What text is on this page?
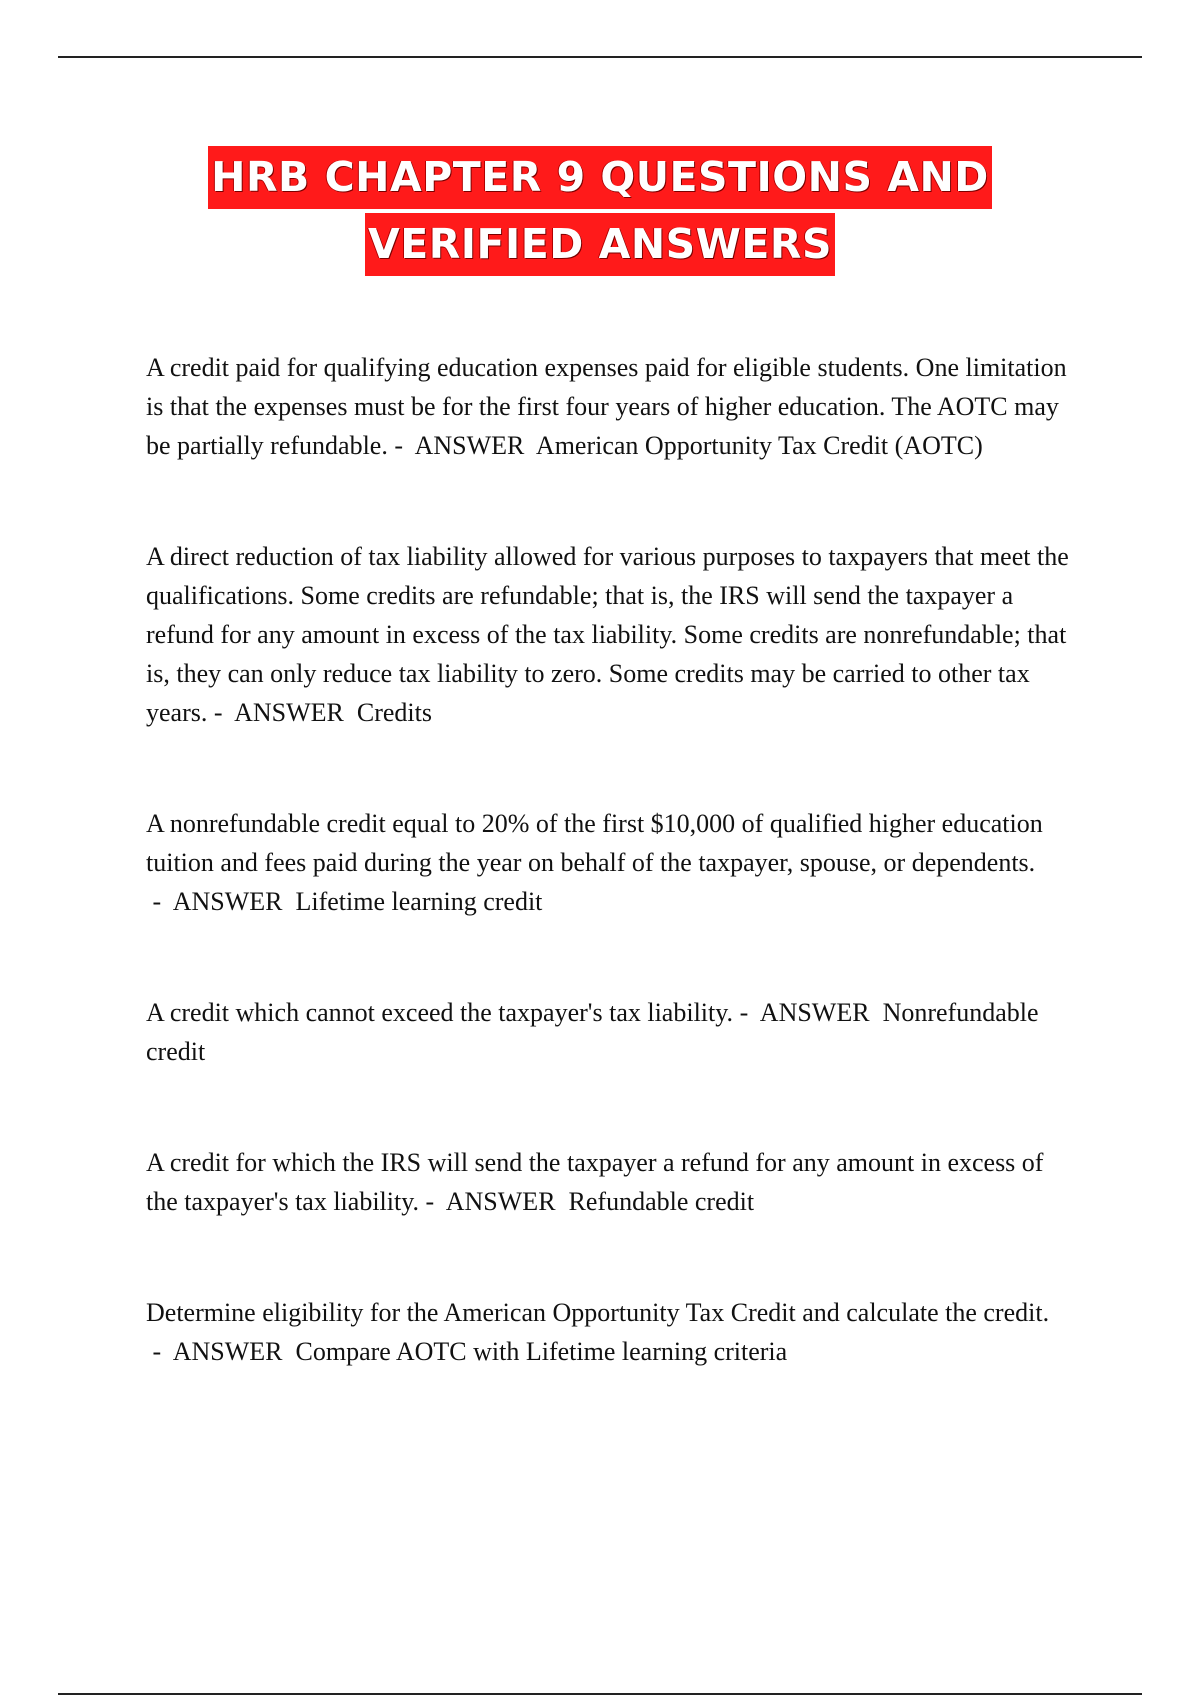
HRB CHAPTER 9 QUESTIONS AND
VERIFIED ANSWERS

A credit paid for qualifying education expenses paid for eligible students. One limitation is that the expenses must be for the first four years of higher education. The AOTC may be partially refundable. -  ANSWER  American Opportunity Tax Credit (AOTC)

A direct reduction of tax liability allowed for various purposes to taxpayers that meet the qualifications. Some credits are refundable; that is, the IRS will send the taxpayer a refund for any amount in excess of the tax liability. Some credits are nonrefundable; that is, they can only reduce tax liability to zero. Some credits may be carried to other tax years. -  ANSWER  Credits

A nonrefundable credit equal to 20% of the first $10,000 of qualified higher education tuition and fees paid during the year on behalf of the taxpayer, spouse, or dependents. -  ANSWER  Lifetime learning credit

A credit which cannot exceed the taxpayer's tax liability. -  ANSWER  Nonrefundable credit

A credit for which the IRS will send the taxpayer a refund for any amount in excess of the taxpayer's tax liability. -  ANSWER  Refundable credit

Determine eligibility for the American Opportunity Tax Credit and calculate the credit. -  ANSWER  Compare AOTC with Lifetime learning criteria
